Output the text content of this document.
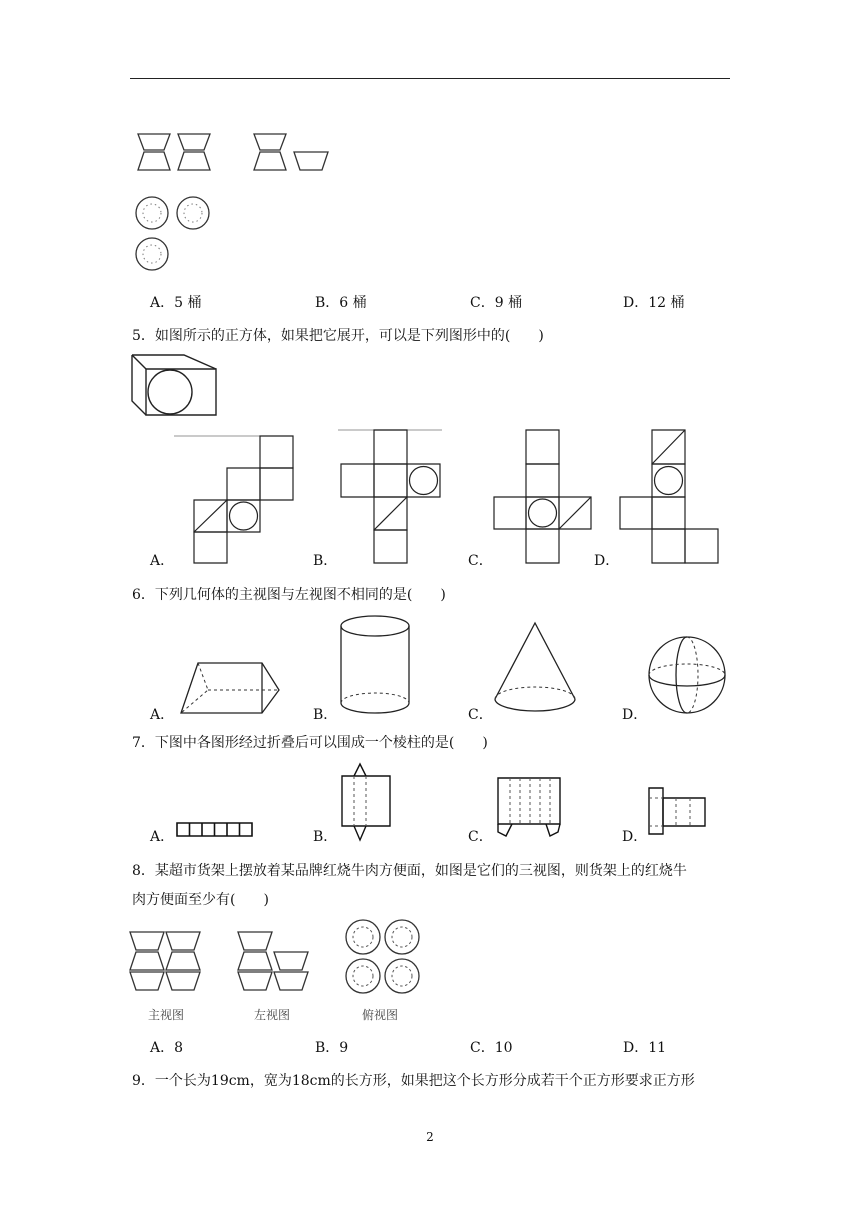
A．5 桶	B．6 桶	C．9 桶	D．12 桶
5．如图所示的正方体，如果把它展开，可以是下列图形中的(　　)
A．	B．	C．	D．
6．下列几何体的主视图与左视图不相同的是(　　)
A．	B．	C．	D．
7．下图中各图形经过折叠后可以围成一个棱柱的是(　　)
A．	B．	C．	D．
8．某超市货架上摆放着某品牌红烧牛肉方便面，如图是它们的三视图，则货架上的红烧牛
肉方便面至少有(　　)
主视图	左视图	俯视图
A．8	B．9	C．10	D．11
9．一个长为19cm，宽为18cm的长方形，如果把这个长方形分成若干个正方形要求正方形
2
